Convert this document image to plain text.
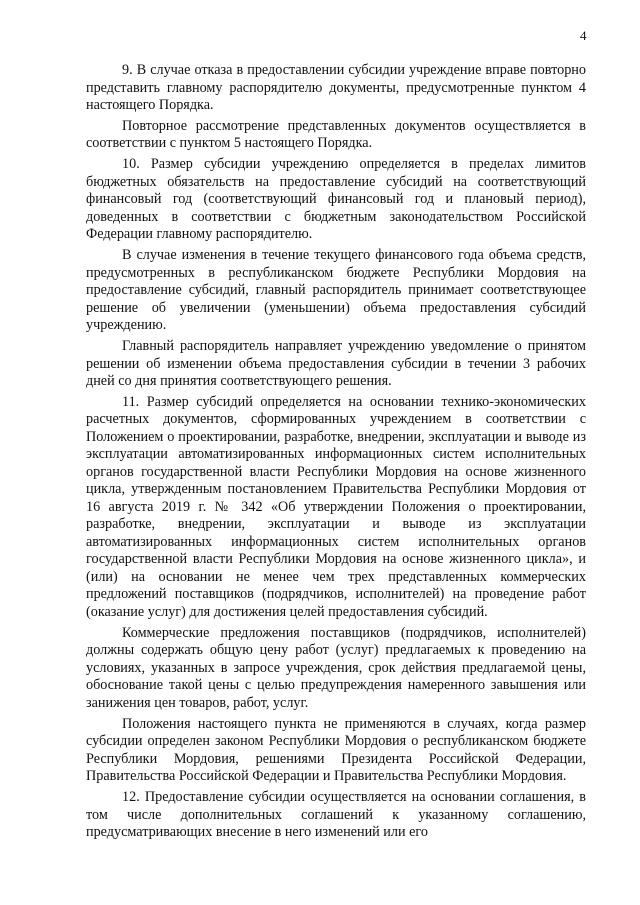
4

9. В случае отказа в предоставлении субсидии учреждение вправе повторно представить главному распорядителю документы, предусмотренные пунктом 4 настоящего Порядка.

Повторное рассмотрение представленных документов осуществляется в соответствии с пунктом 5 настоящего Порядка.

10. Размер субсидии учреждению определяется в пределах лимитов бюджетных обязательств на предоставление субсидий на соответствующий финансовый год (соответствующий финансовый год и плановый период), доведенных в соответствии с бюджетным законодательством Российской Федерации главному распорядителю.

В случае изменения в течение текущего финансового года объема средств, предусмотренных в республиканском бюджете Республики Мордовия на предоставление субсидий, главный распорядитель принимает соответствующее решение об увеличении (уменьшении) объема предоставления субсидий учреждению.

Главный распорядитель направляет учреждению уведомление о принятом решении об изменении объема предоставления субсидии в течении 3 рабочих дней со дня принятия соответствующего решения.

11. Размер субсидий определяется на основании технико-экономических расчетных документов, сформированных учреждением в соответствии с Положением о проектировании, разработке, внедрении, эксплуатации и выводе из эксплуатации автоматизированных информационных систем исполнительных органов государственной власти Республики Мордовия на основе жизненного цикла, утвержденным постановлением Правительства Республики Мордовия от 16 августа 2019 г. № 342 «Об утверждении Положения о проектировании, разработке, внедрении, эксплуатации и выводе из эксплуатации автоматизированных информационных систем исполнительных органов государственной власти Республики Мордовия на основе жизненного цикла», и (или) на основании не менее чем трех представленных коммерческих предложений поставщиков (подрядчиков, исполнителей) на проведение работ (оказание услуг) для достижения целей предоставления субсидий.

Коммерческие предложения поставщиков (подрядчиков, исполнителей) должны содержать общую цену работ (услуг) предлагаемых к проведению на условиях, указанных в запросе учреждения, срок действия предлагаемой цены, обоснование такой цены с целью предупреждения намеренного завышения или занижения цен товаров, работ, услуг.

Положения настоящего пункта не применяются в случаях, когда размер субсидии определен законом Республики Мордовия о республиканском бюджете Республики Мордовия, решениями Президента Российской Федерации, Правительства Российской Федерации и Правительства Республики Мордовия.

12. Предоставление субсидии осуществляется на основании соглашения, в том числе дополнительных соглашений к указанному соглашению, предусматривающих внесение в него изменений или его
